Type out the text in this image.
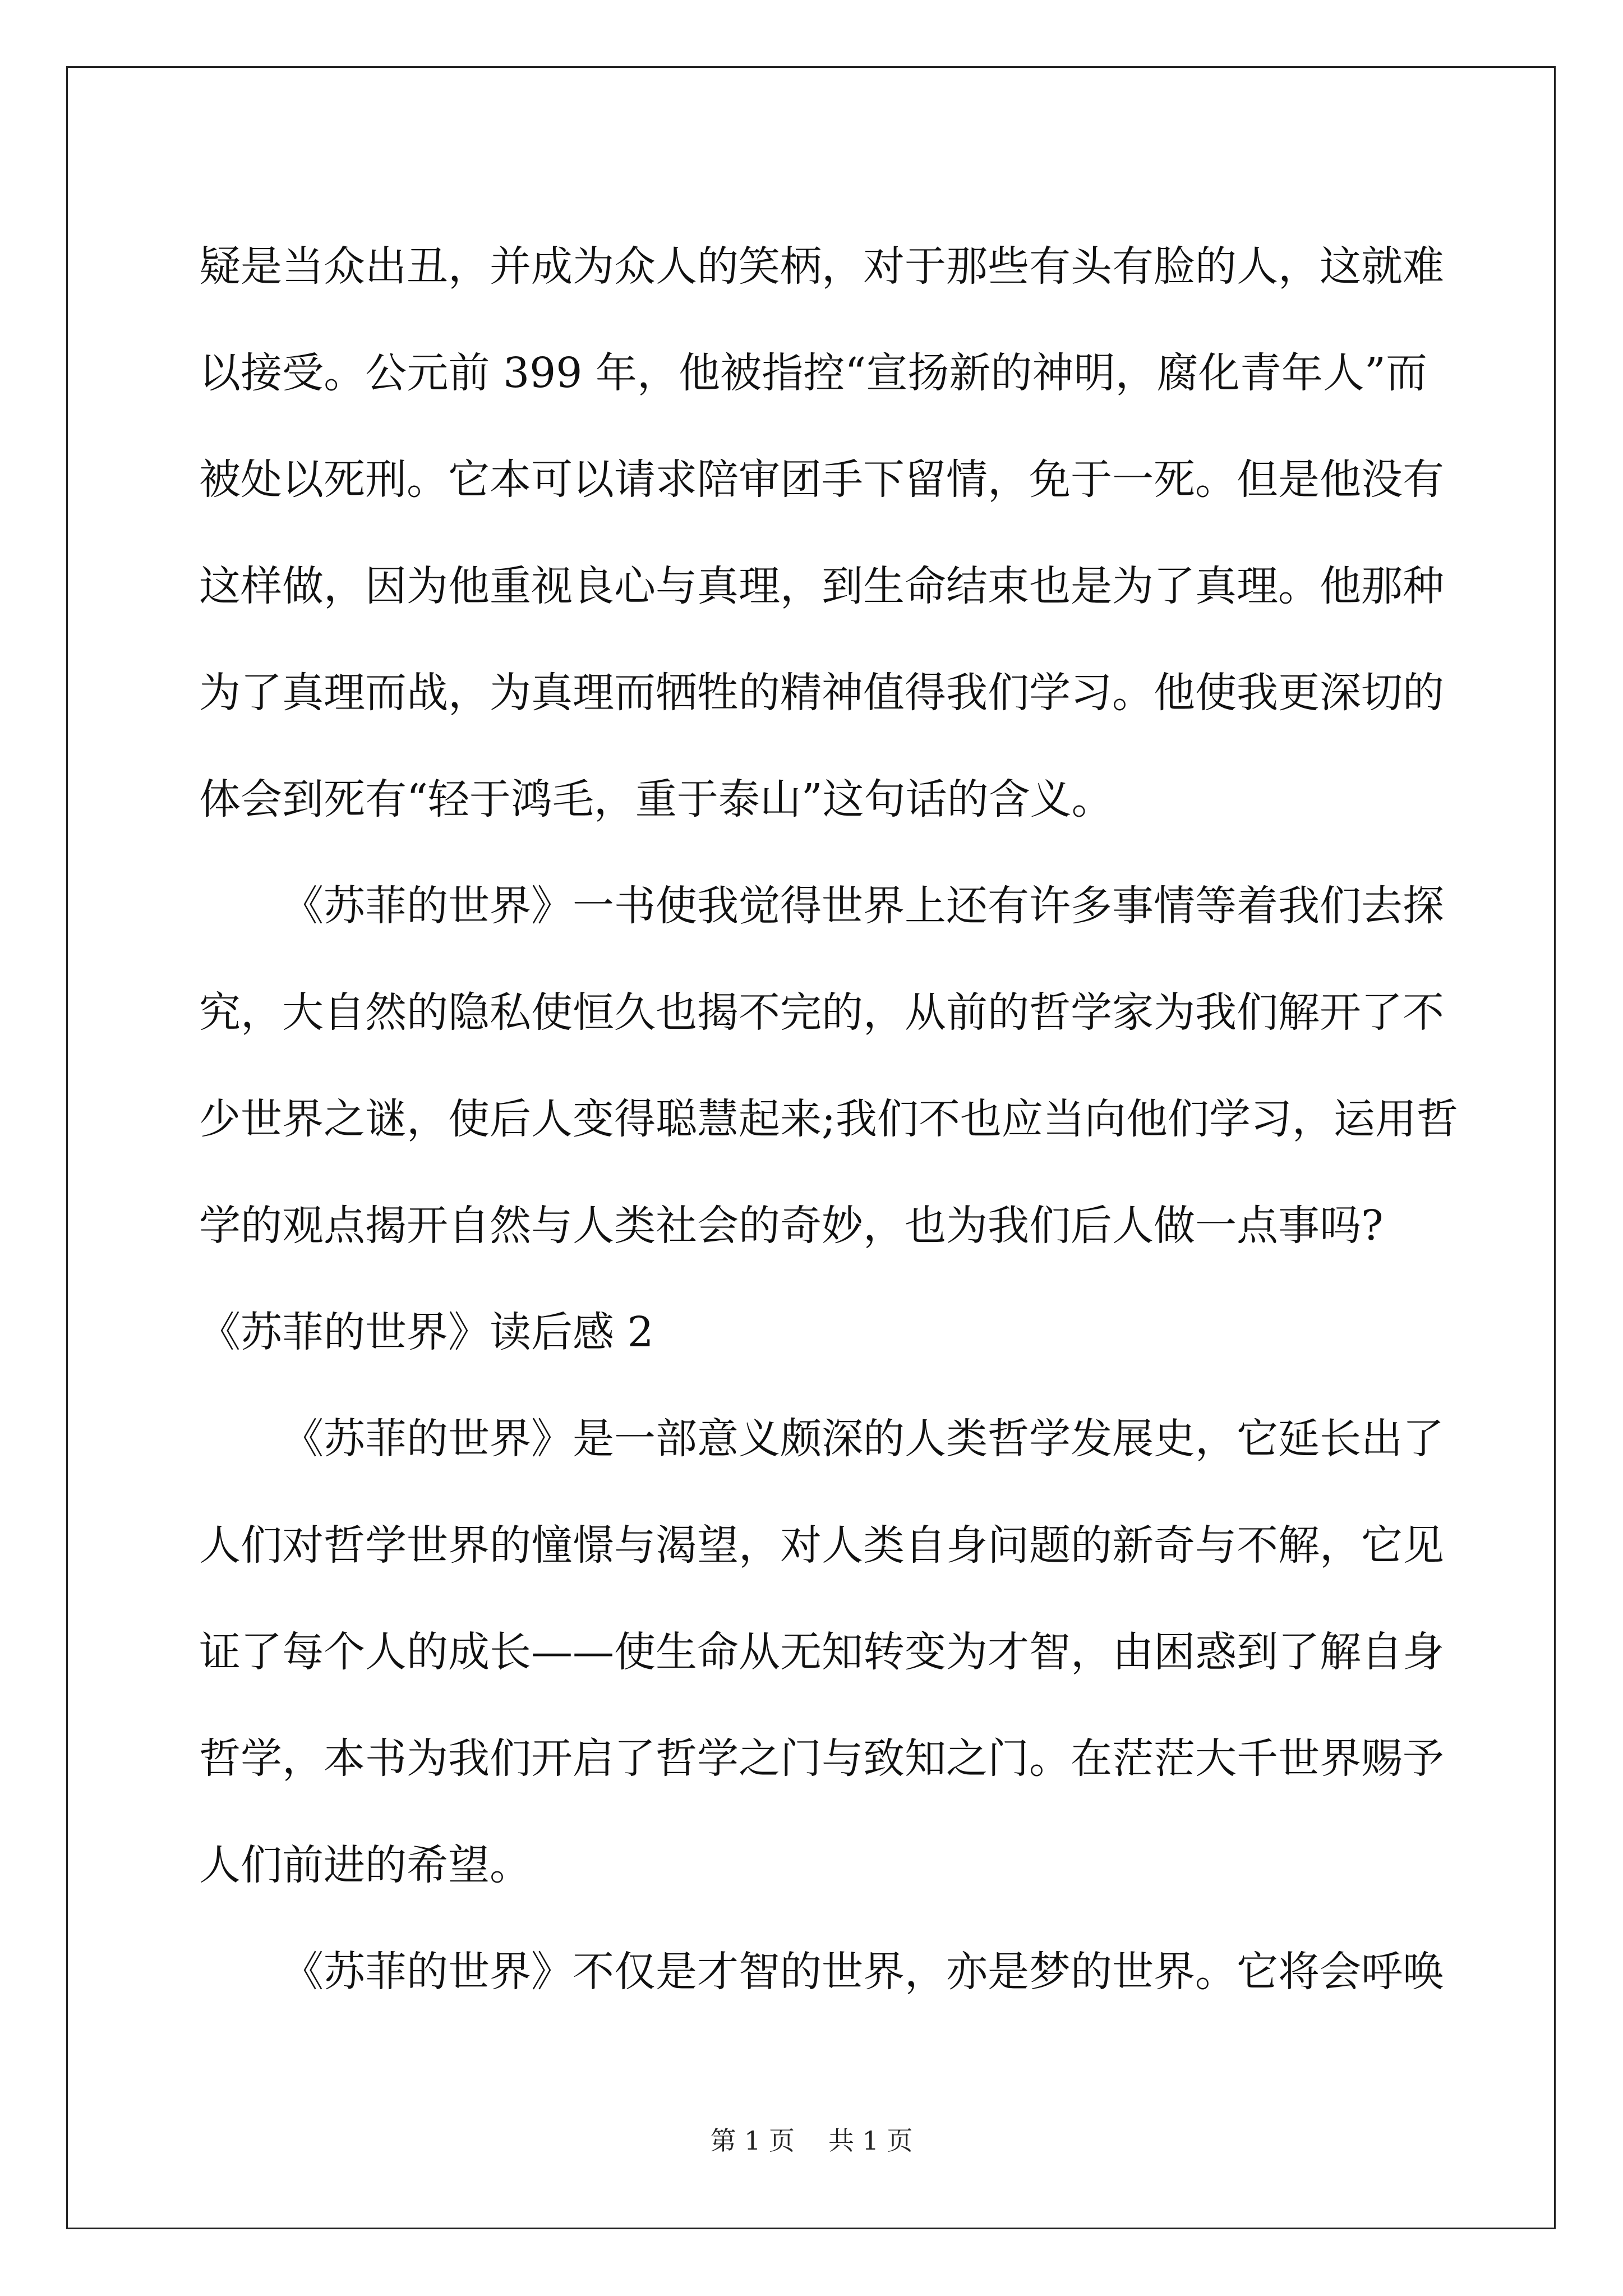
疑是当众出丑，并成为众人的笑柄，对于那些有头有脸的人，这就难
以接受。公元前 399 年，他被指控“宣扬新的神明，腐化青年人”而
被处以死刑。它本可以请求陪审团手下留情，免于一死。但是他没有
这样做，因为他重视良心与真理，到生命结束也是为了真理。他那种
为了真理而战，为真理而牺牲的精神值得我们学习。他使我更深切的
体会到死有“轻于鸿毛，重于泰山”这句话的含义。
《苏菲的世界》一书使我觉得世界上还有许多事情等着我们去探
究，大自然的隐私使恒久也揭不完的，从前的哲学家为我们解开了不
少世界之谜，使后人变得聪慧起来;我们不也应当向他们学习，运用哲
学的观点揭开自然与人类社会的奇妙，也为我们后人做一点事吗?
《苏菲的世界》读后感 2
《苏菲的世界》是一部意义颇深的人类哲学发展史，它延长出了
人们对哲学世界的憧憬与渴望，对人类自身问题的新奇与不解，它见
证了每个人的成长——使生命从无知转变为才智，由困惑到了解自身
哲学，本书为我们开启了哲学之门与致知之门。在茫茫大千世界赐予
人们前进的希望。
《苏菲的世界》不仅是才智的世界，亦是梦的世界。它将会呼唤
第 1 页 共 1 页
